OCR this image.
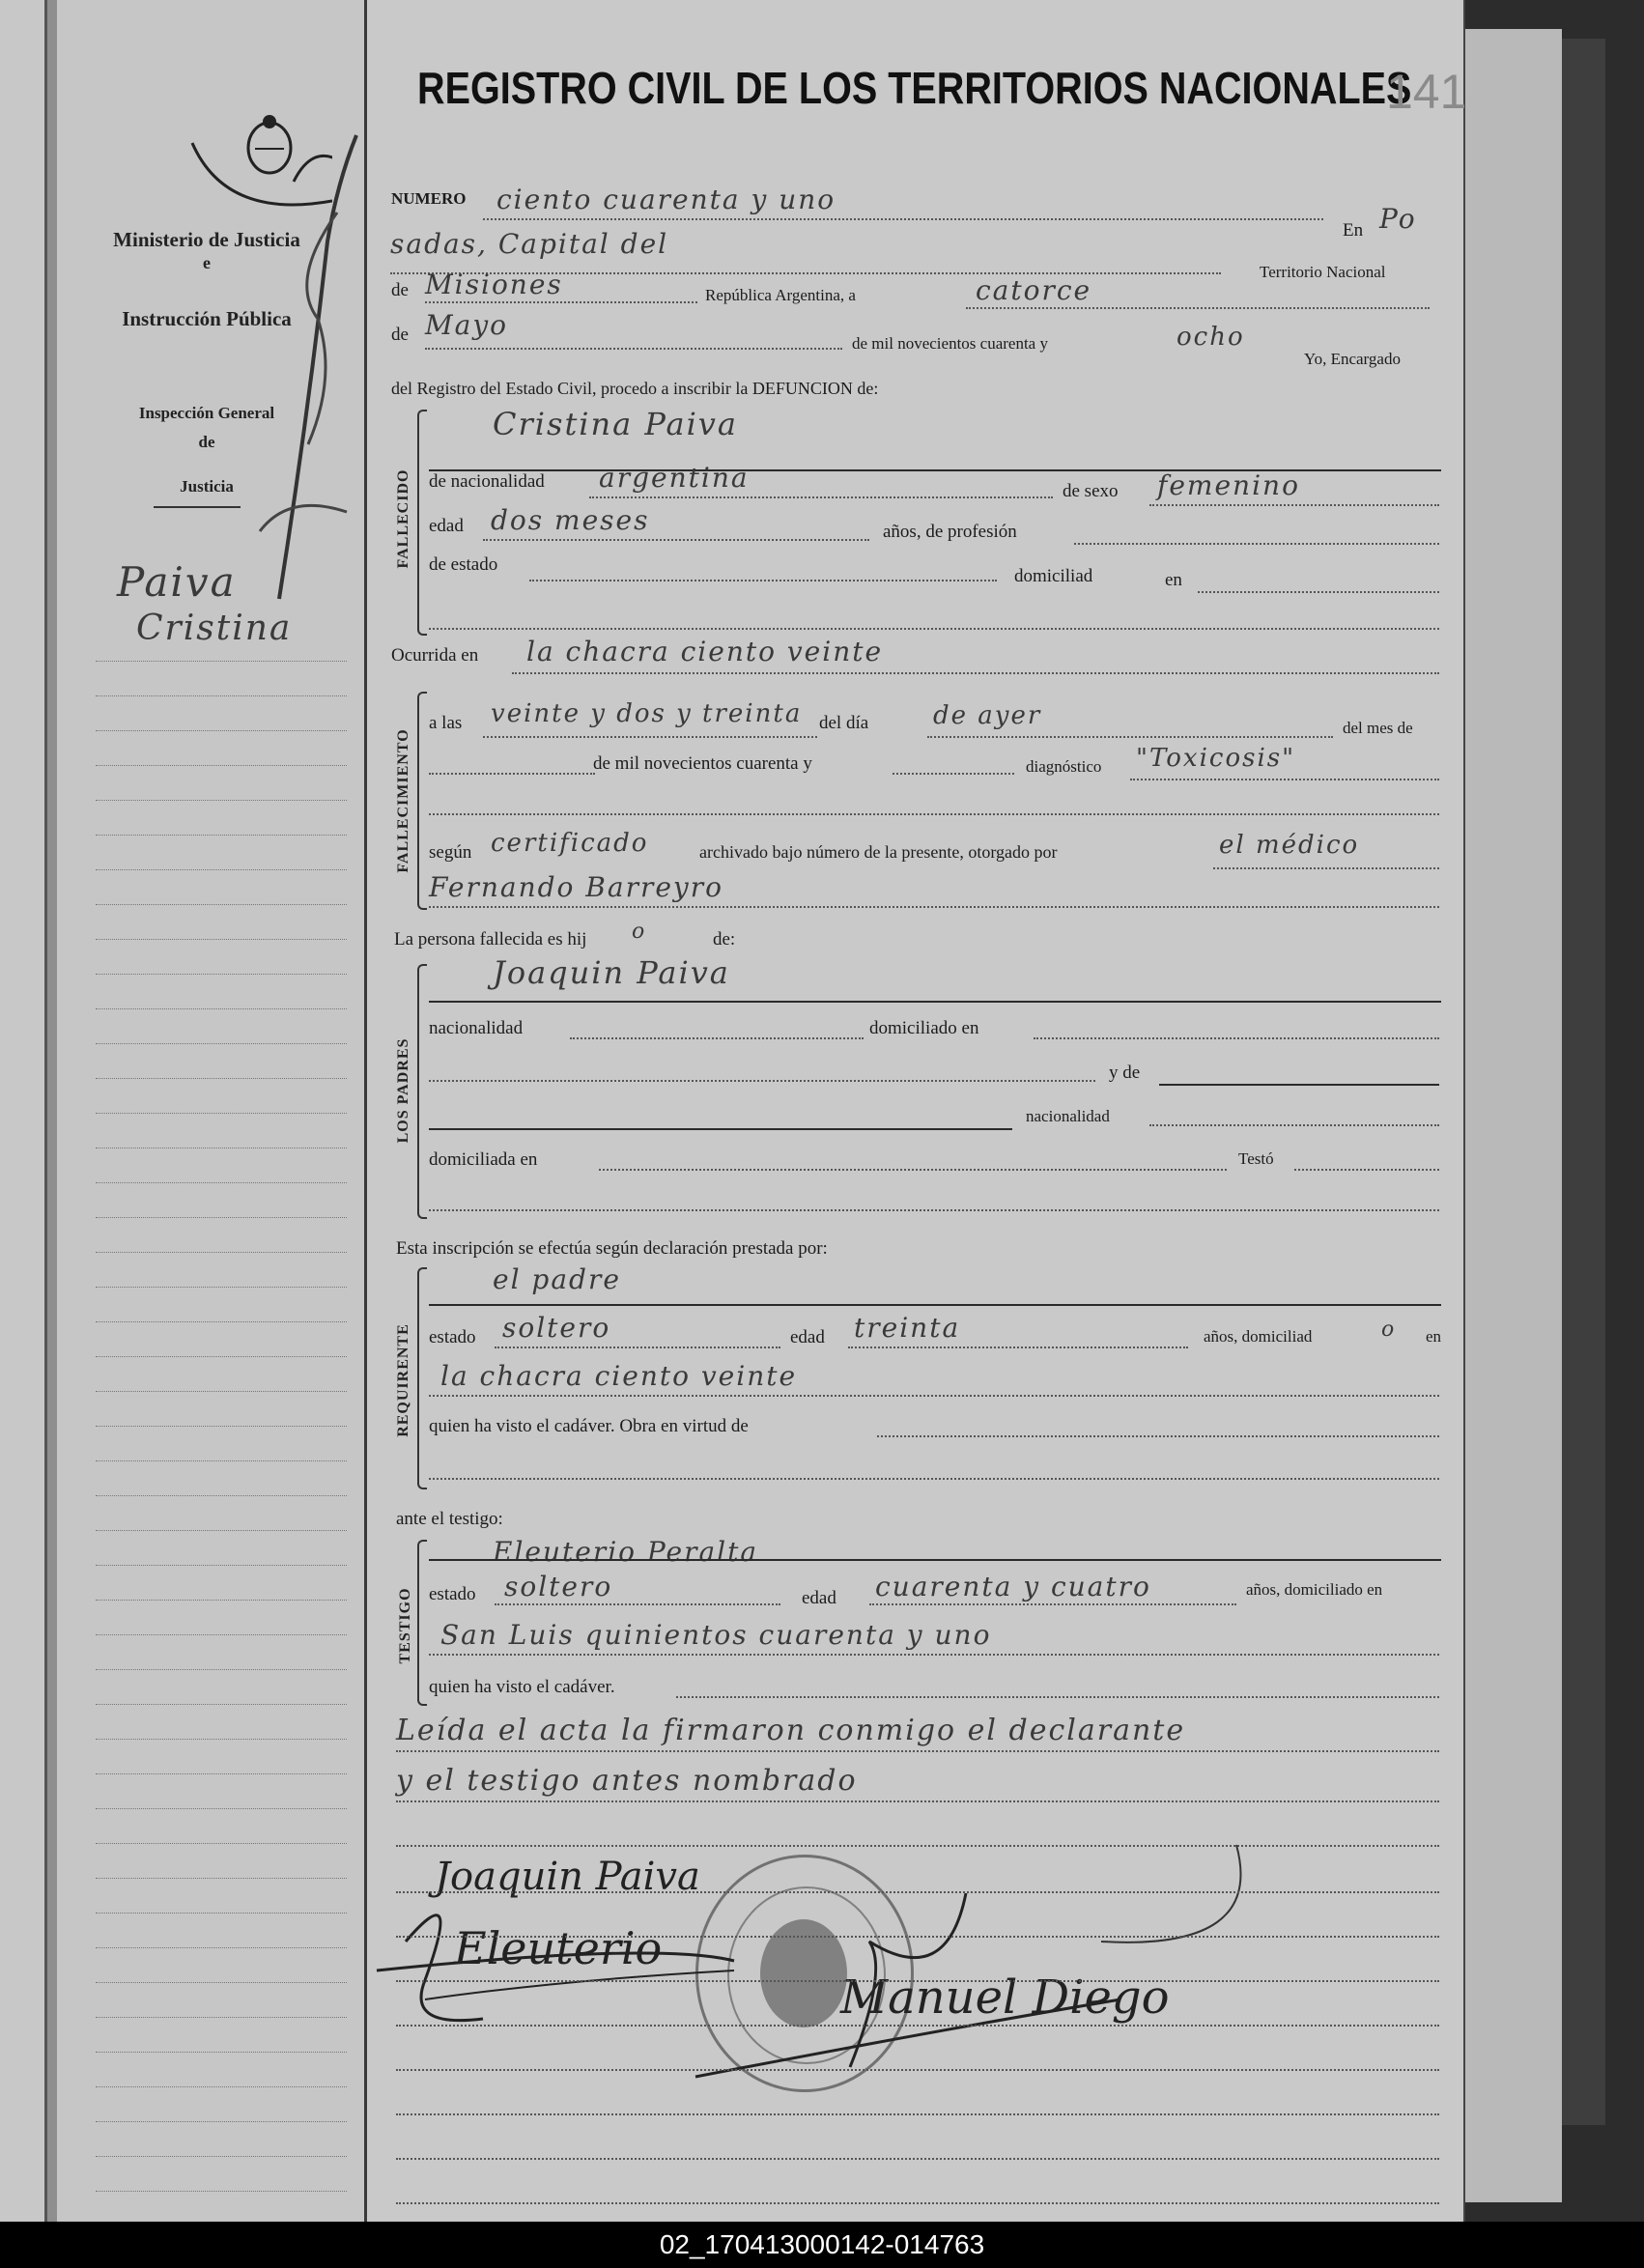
Ministerio de Justicia
e
Instrucción Pública
Inspección General
de
Justicia
Paiva
Cristina
REGISTRO CIVIL DE LOS TERRITORIOS NACIONALES
141
NUMERO ciento cuarenta y uno
En Po
sadas, Capital del
Territorio Nacional
de Misiones	República Argentina, a	catorce
de Mayo
de mil novecientos cuarenta y	ocho
Yo, Encargado
del Registro del Estado Civil, procedo a inscribir la DEFUNCION de:
FALLECIDO
Cristina Paiva
de nacionalidad argentina	de sexo femenino
edad dos meses	años, de profesión
de estado
domiciliad	en
Ocurrida en la chacra ciento veinte
FALLECIMIENTO
a las veinte y dos y treinta del día	de ayer	del mes de
de mil novecientos cuarenta y	diagnóstico "Toxicosis"
según certificado	archivado bajo número de la presente, otorgado por	el médico
Fernando Barreyro
La persona fallecida es hij o	de:
LOS PADRES
Joaquin Paiva
nacionalidad	domiciliado en
y de
nacionalidad
domiciliada en	Testó
Esta inscripción se efectúa según declaración prestada por:
REQUIRENTE
el padre
estado soltero	edad treinta	años, domiciliad	o en
la chacra ciento veinte
quien ha visto el cadáver. Obra en virtud de
ante el testigo:
TESTIGO
Eleuterio Peralta
estado soltero	edad cuarenta y cuatro	años, domiciliado en
San Luis quinientos cuarenta y uno
quien ha visto el cadáver.
Leída el acta la firmaron conmigo el declarante
y el testigo antes nombrado
Joaquin Paiva
Eleuterio
Manuel Diego
02_170413000142-014763
